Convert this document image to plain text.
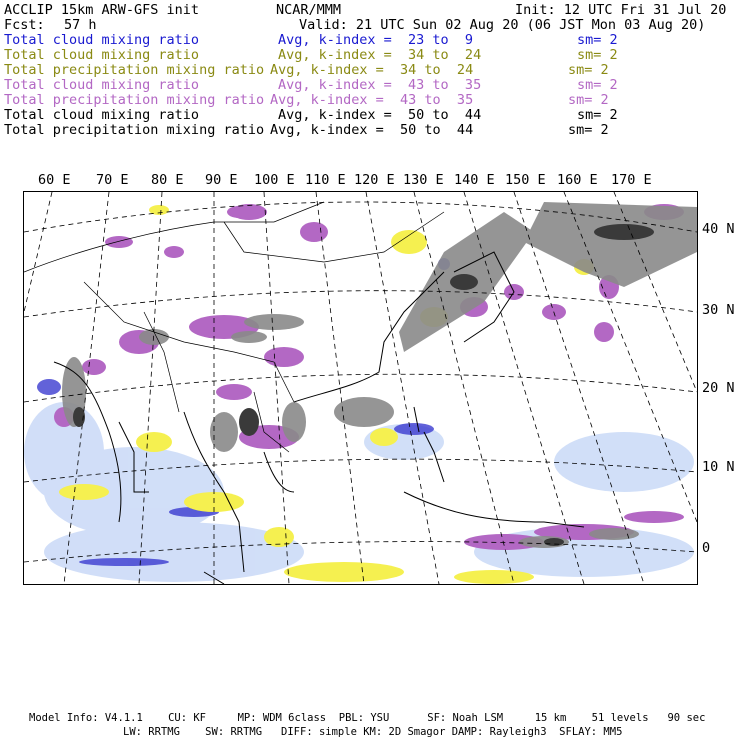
ACCLIP 15km ARW-GFS init	NCAR/MMM	Init: 12 UTC Fri 31 Jul 20
Fcst: 57 h	Valid: 21 UTC Sun 02 Aug 20 (06 JST Mon 03 Aug 20)
Total cloud mixing ratio	Avg, k-index =  23 to  9	sm= 2
Total cloud mixing ratio	Avg, k-index =  34 to  24	sm= 2
Total precipitation mixing ratio Avg, k-index =  34 to  24	sm= 2
Total cloud mixing ratio	Avg, k-index =  43 to  35	sm= 2
Total precipitation mixing ratio Avg, k-index =  43 to  35	sm= 2
Total cloud mixing ratio	Avg, k-index =  50 to  44	sm= 2
Total precipitation mixing ratio Avg, k-index =  50 to  44	sm= 2
60 E 70 E 80 E 90 E 100 E 110 E 120 E 130 E 140 E 150 E 160 E 170 E
40 N
30 N
20 N
10 N
0
Model Info: V4.1.1    CU: KF     MP: WDM 6class  PBL: YSU      SF: Noah LSM     15 km    51 levels   90 sec
LW: RRTMG    SW: RRTMG   DIFF: simple KM: 2D Smagor DAMP: Rayleigh3  SFLAY: MM5
